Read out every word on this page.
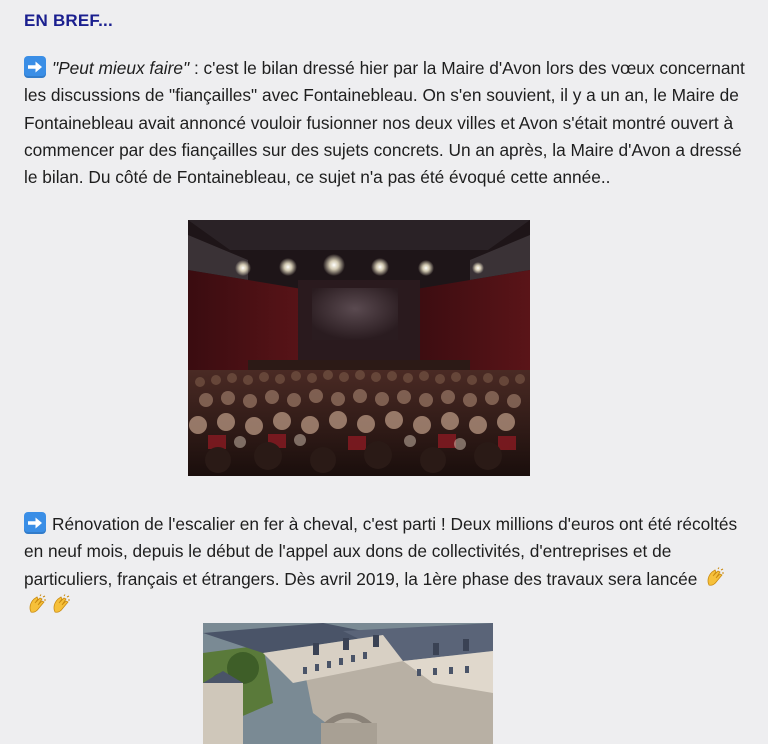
EN BREF...
"Peut mieux faire" : c'est le bilan dressé hier par la Maire d'Avon lors des vœux concernant les discussions de "fiançailles" avec Fontainebleau. On s'en souvient, il y a un an, le Maire de Fontainebleau avait annoncé vouloir fusionner nos deux villes et Avon s'était montré ouvert à commencer par des fiançailles sur des sujets concrets. Un an après, la Maire d'Avon a dressé le bilan. Du côté de Fontainebleau, ce sujet n'a pas été évoqué cette année..
Rénovation de l'escalier en fer à cheval, c'est parti ! Deux millions d'euros ont été récoltés en neuf mois, depuis le début de l'appel aux dons de collectivités, d'entreprises et de particuliers, français et étrangers. Dès avril 2019, la 1ère phase des travaux sera lancée
